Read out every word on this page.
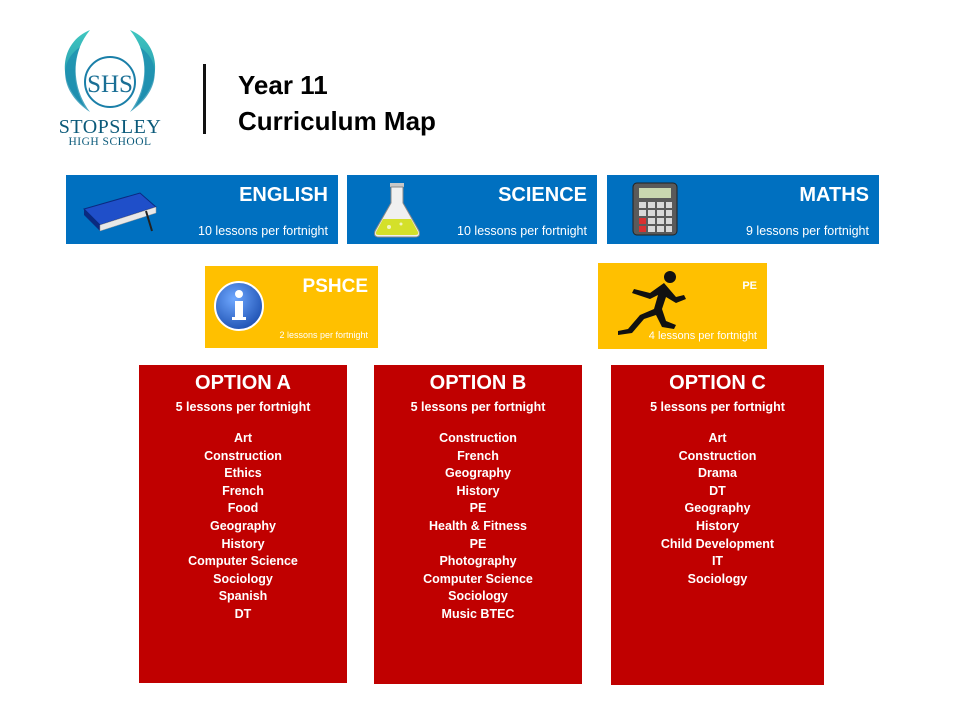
SHS
STOPSLEY
HIGH SCHOOL
Year 11
Curriculum Map
ENGLISH
10 lessons per fortnight
SCIENCE
10 lessons per fortnight
MATHS
9 lessons per fortnight
PSHCE
2 lessons per fortnight
PE
4 lessons per fortnight
OPTION A
5 lessons per fortnight
Art
Construction
Ethics
French
Food
Geography
History
Computer Science
Sociology
Spanish
DT
OPTION B
5 lessons per fortnight
Construction
French
Geography
History
PE
Health & Fitness
PE
Photography
Computer Science
Sociology
Music BTEC
OPTION C
5 lessons per fortnight
Art
Construction
Drama
DT
Geography
History
Child Development
IT
Sociology
